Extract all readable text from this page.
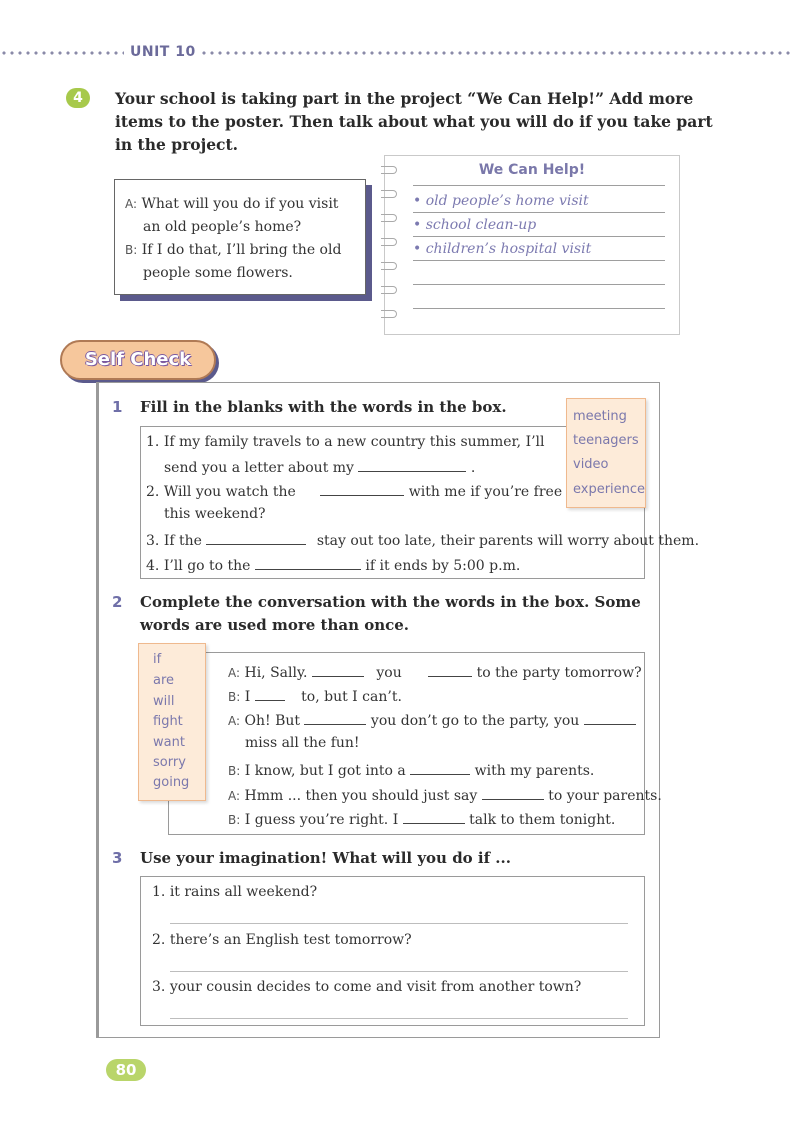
UNIT 10
4	Your school is taking part in the project “We Can Help!” Add more items to the poster. Then talk about what you will do if you take part in the project.
A: What will you do if you visit
an old people’s home?
B: If I do that, I’ll bring the old
people some flowers.
We Can Help!
• old people’s home visit
• school clean-up
• children’s hospital visit
Self Check
1 Fill in the blanks with the words in the box.
meeting
teenagers
video
experience
1. If my family travels to a new country this summer, I’ll
send you a letter about my	.
2. Will you watch the	with me if you’re free
this weekend?
3. If the	stay out too late, their parents will worry about them.
4. I’ll go to the	if it ends by 5:00 p.m.
2 Complete the conversation with the words in the box. Some
words are used more than once.
if
are
will
fight
want
sorry
going
A: Hi, Sally.	you	to the party tomorrow?
B: I	to, but I can’t.
A: Oh! But	you don’t go to the party, you
miss all the fun!
B: I know, but I got into a	with my parents.
A: Hmm ... then you should just say	to your parents.
B: I guess you’re right. I	talk to them tonight.
3 Use your imagination! What will you do if ...
1. it rains all weekend?
2. there’s an English test tomorrow?
3. your cousin decides to come and visit from another town?
80
